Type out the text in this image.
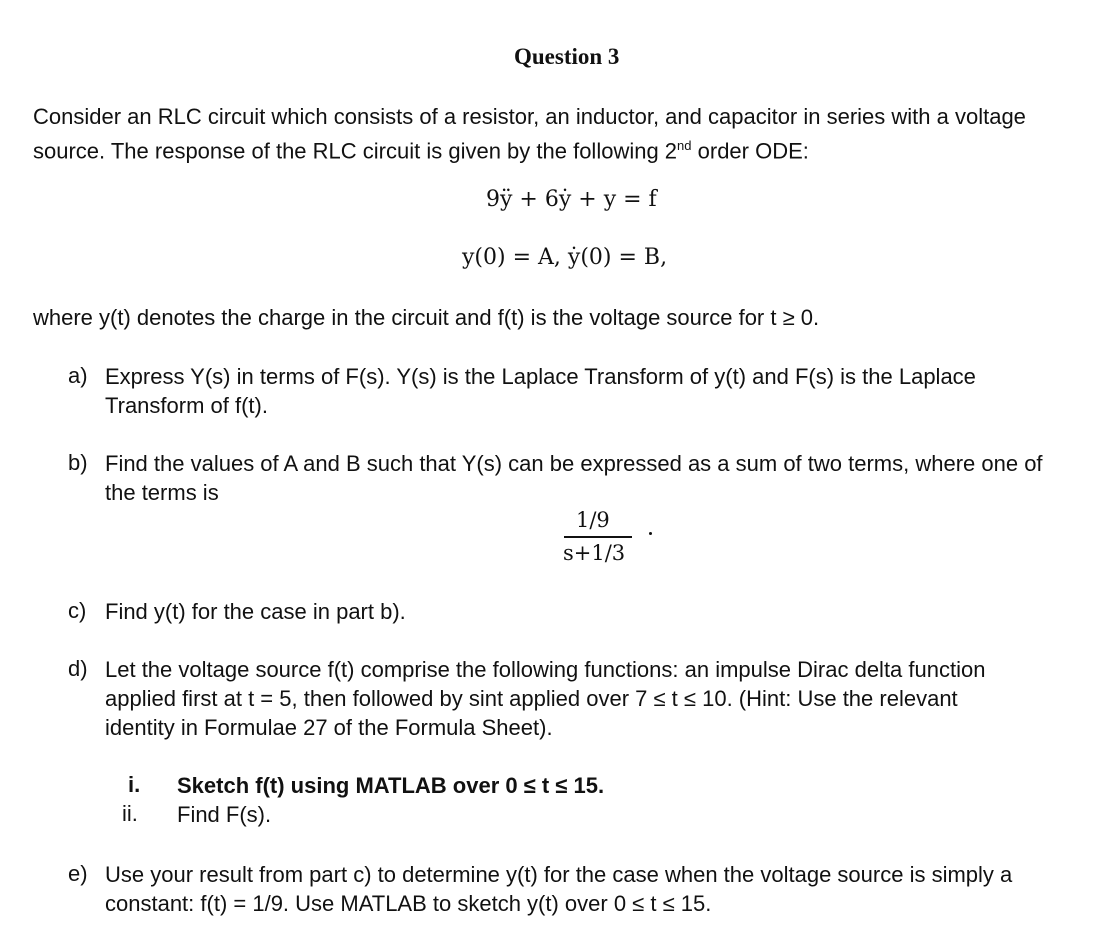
Question 3
Consider an RLC circuit which consists of a resistor, an inductor, and capacitor in series with a voltage
source. The response of the RLC circuit is given by the following 2nd order ODE:
9ÿ + 6ẏ + y = f
y(0) = A, ẏ(0) = B,
where y(t) denotes the charge in the circuit and f(t) is the voltage source for t ≥ 0.
a) Express Y(s) in terms of F(s). Y(s) is the Laplace Transform of y(t) and F(s) is the Laplace
Transform of f(t).
b) Find the values of A and B such that Y(s) can be expressed as a sum of two terms, where one of
the terms is
1/9
s+1/3
c) Find y(t) for the case in part b).
d) Let the voltage source f(t) comprise the following functions: an impulse Dirac delta function
applied first at t = 5, then followed by sint applied over 7 ≤ t ≤ 10. (Hint: Use the relevant
identity in Formulae 27 of the Formula Sheet).
i. Sketch f(t) using MATLAB over 0 ≤ t ≤ 15.
ii. Find F(s).
e) Use your result from part c) to determine y(t) for the case when the voltage source is simply a
constant: f(t) = 1/9. Use MATLAB to sketch y(t) over 0 ≤ t ≤ 15.
